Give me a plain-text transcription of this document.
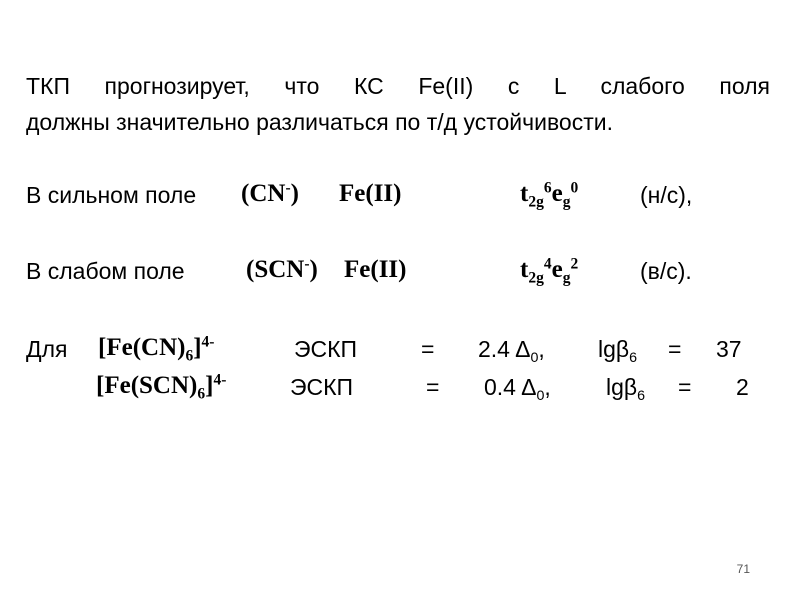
ТКП прогнозирует, что КС Fe(II) с L слабого поля
должны значительно различаться по т/д устойчивости.
В сильном поле (CN-) Fe(II)	$t_{2g}^6e_g^0$	(н/с),
В слабом поле (SCN-) Fe(II)	$t_{2g}^4e_g^2$	(в/с).
Для $[Fe(CN)_6]^{4-}$	ЭСКП	= 2.4 $\Delta_0$, lgβ$_6$ = 37
$[Fe(SCN)_6]^{4-}$	ЭСКП	= 0.4 $\Delta_0$, lgβ$_6$ = 2
71
